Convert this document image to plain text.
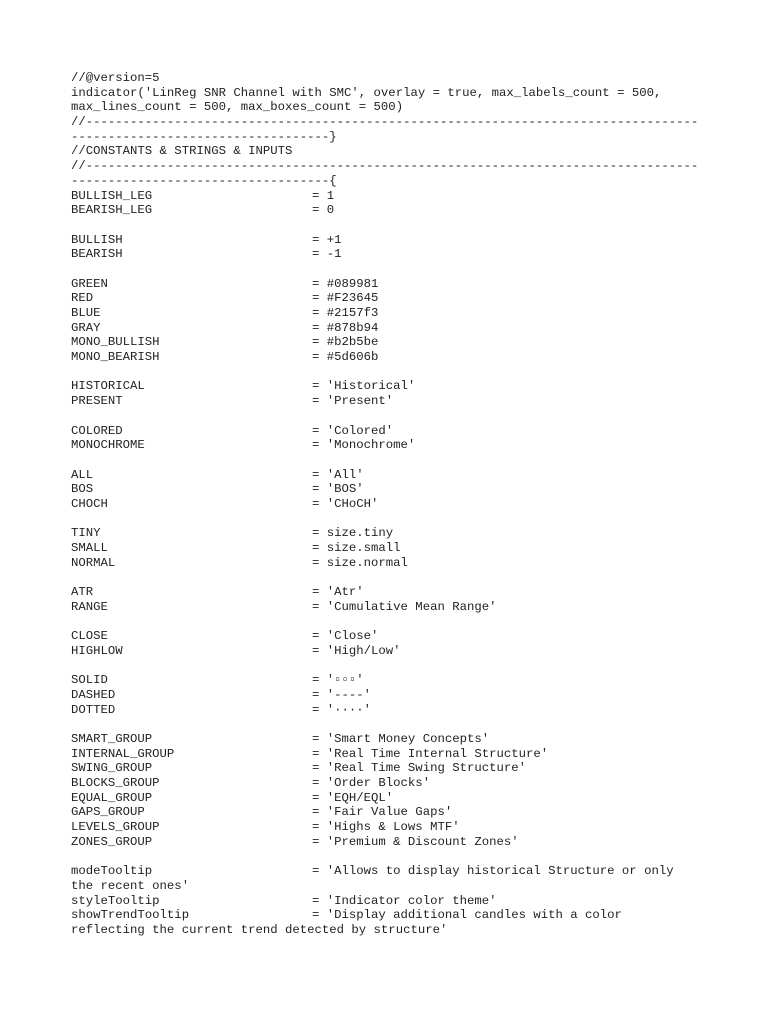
//@version=5
indicator('LinReg SNR Channel with SMC', overlay = true, max_labels_count = 500,
max_lines_count = 500, max_boxes_count = 500)
//-----------------------------------------------------------------------------------
-----------------------------------}
//CONSTANTS & STRINGS & INPUTS
//-----------------------------------------------------------------------------------
-----------------------------------{
BULLISH_LEG	= 1
BEARISH_LEG	= 0
BULLISH	= +1
BEARISH	= -1
GREEN	= #089981
RED	= #F23645
BLUE	= #2157f3
GRAY	= #878b94
MONO_BULLISH	= #b2b5be
MONO_BEARISH	= #5d606b
HISTORICAL	= 'Historical'
PRESENT	= 'Present'
COLORED	= 'Colored'
MONOCHROME	= 'Monochrome'
ALL	= 'All'
BOS	= 'BOS'
CHOCH	= 'CHoCH'
TINY	= size.tiny
SMALL	= size.small
NORMAL	= size.normal
ATR	= 'Atr'
RANGE	= 'Cumulative Mean Range'
CLOSE	= 'Close'
HIGHLOW	= 'High/Low'
SOLID	= '▫▫▫'
DASHED	= '----'
DOTTED	= '····'
SMART_GROUP	= 'Smart Money Concepts'
INTERNAL_GROUP	= 'Real Time Internal Structure'
SWING_GROUP	= 'Real Time Swing Structure'
BLOCKS_GROUP	= 'Order Blocks'
EQUAL_GROUP	= 'EQH/EQL'
GAPS_GROUP	= 'Fair Value Gaps'
LEVELS_GROUP	= 'Highs & Lows MTF'
ZONES_GROUP	= 'Premium & Discount Zones'
modeTooltip	= 'Allows to display historical Structure or only
the recent ones'
styleTooltip	= 'Indicator color theme'
showTrendTooltip	= 'Display additional candles with a color
reflecting the current trend detected by structure'
